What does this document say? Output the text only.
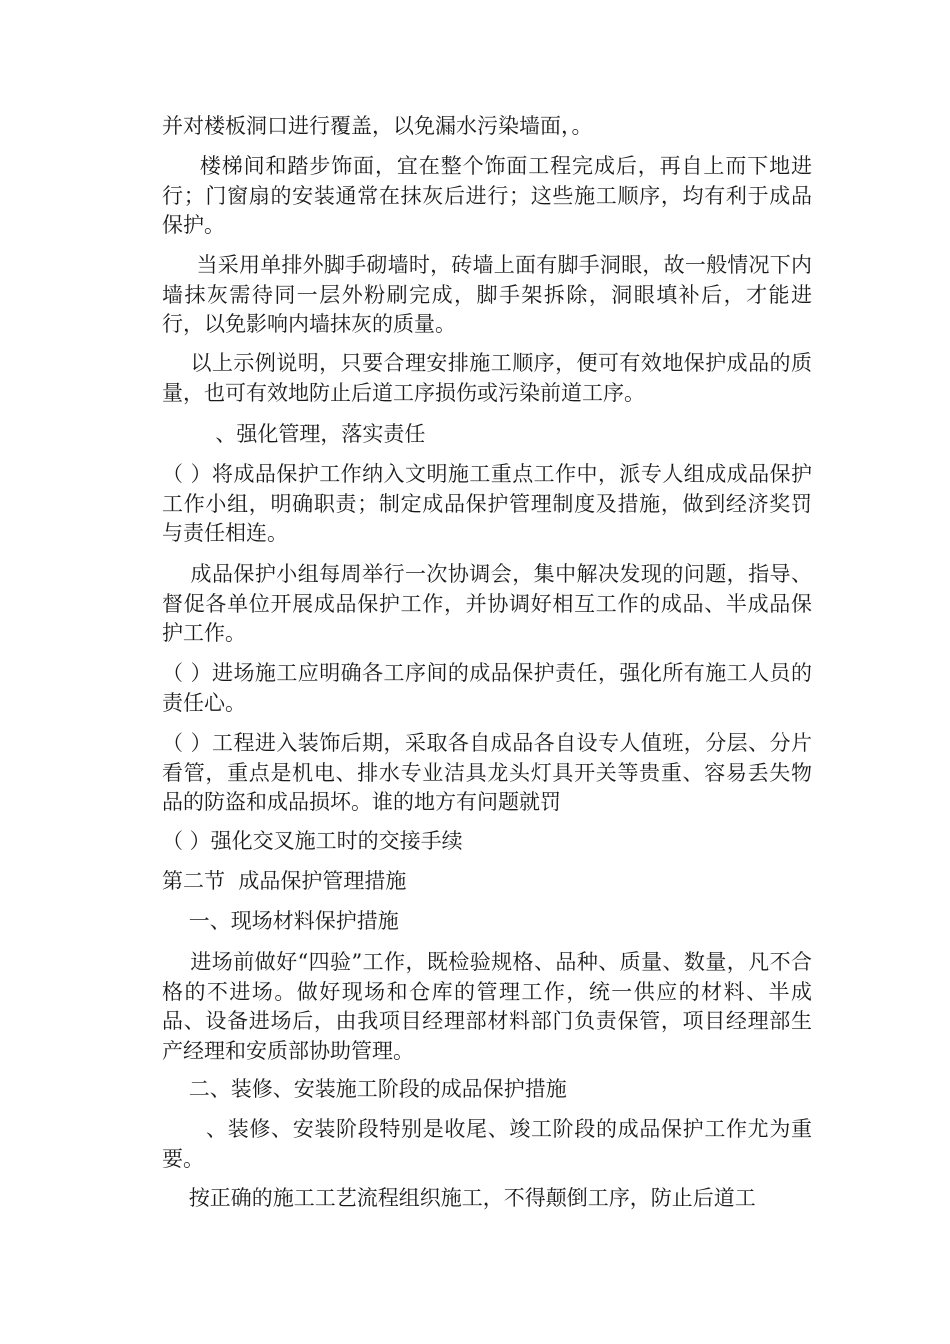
并对楼板洞口进行覆盖，以免漏水污染墙面，。

楼梯间和踏步饰面，宜在整个饰面工程完成后，再自上而下地进行；门窗扇的安装通常在抹灰后进行；这些施工顺序，均有利于成品保护。

当采用单排外脚手砌墙时，砖墙上面有脚手洞眼，故一般情况下内墙抹灰需待同一层外粉刷完成，脚手架拆除，洞眼填补后，才能进行，以免影响内墙抹灰的质量。

以上示例说明，只要合理安排施工顺序，便可有效地保护成品的质量，也可有效地防止后道工序损伤或污染前道工序。

、强化管理，落实责任

（ ）将成品保护工作纳入文明施工重点工作中，派专人组成成品保护工作小组，明确职责；制定成品保护管理制度及措施，做到经济奖罚与责任相连。

成品保护小组每周举行一次协调会，集中解决发现的问题，指导、督促各单位开展成品保护工作，并协调好相互工作的成品、半成品保护工作。

（ ）进场施工应明确各工序间的成品保护责任，强化所有施工人员的责任心。

（ ）工程进入装饰后期，采取各自成品各自设专人值班，分层、分片看管，重点是机电、排水专业洁具龙头灯具开关等贵重、容易丢失物品的防盗和成品损坏。谁的地方有问题就罚

（ ）强化交叉施工时的交接手续

第二节  成品保护管理措施

一、现场材料保护措施

进场前做好“四验”工作，既检验规格、品种、质量、数量，凡不合格的不进场。做好现场和仓库的管理工作，统一供应的材料、半成品、设备进场后，由我项目经理部材料部门负责保管，项目经理部生产经理和安质部协助管理。

二、装修、安装施工阶段的成品保护措施

、装修、安装阶段特别是收尾、竣工阶段的成品保护工作尤为重要。

按正确的施工工艺流程组织施工，不得颠倒工序，防止后道工
